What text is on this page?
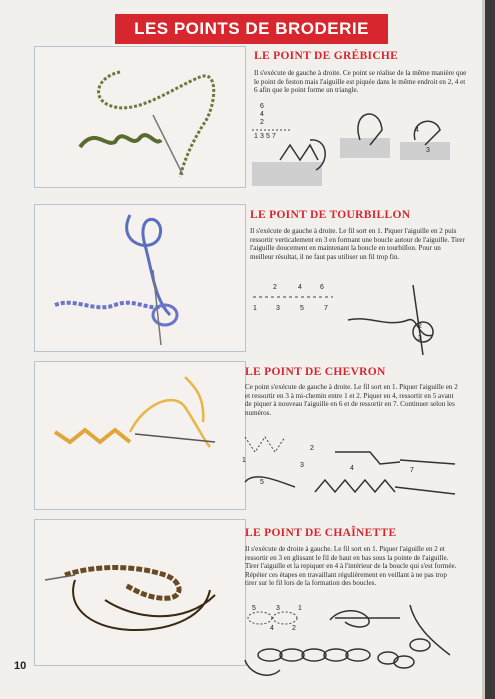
LES POINTS DE BRODERIE
LE POINT DE GRÉBICHE
Il s'exécute de gauche à droite. Ce point se réalise de la même manière que le point de feston mais l'aiguille est piquée dans le même endroit en 2, 4 et 6 afin que le point forme un triangle.
6
4
2
1 3 5 7
4
3
LE POINT DE TOURBILLON
Il s'exécute de gauche à droite. Le fil sort en 1. Piquer l'aiguille en 2 puis ressortir verticalement en 3 en formant une boucle autour de l'aiguille. Tirer l'aiguille doucement en maintenant la boucle en tourbillon. Pour un meilleur résultat, il ne faut pas utiliser un fil trop fin.
2	4	6
1	3	5	7
2
3
LE POINT DE CHEVRON
Ce point s'exécute de gauche à droite. Le fil sort en 1. Piquer l'aiguille en 2 et ressortir en 3 à mi-chemin entre 1 et 2. Piquer en 4, ressortir en 5 avant de piquer à nouveau l'aiguille en 6 et de ressortir en 7. Continuer selon les numéros.
1
5
4	7
3
2
LE POINT DE CHAÎNETTE
Il s'exécute de droite à gauche. Le fil sort en 1. Piquer l'aiguille en 2 et ressortir en 3 en glissant le fil de haut en bas sous la pointe de l'aiguille. Tirer l'aiguille et la repiquer en 4 à l'intérieur de la boucle qui s'est formée. Répéter ces étapes en travaillant régulièrement en veillant à ne pas trop tirer sur le fil lors de la formation des boucles.
5	3	1
4	2
10
